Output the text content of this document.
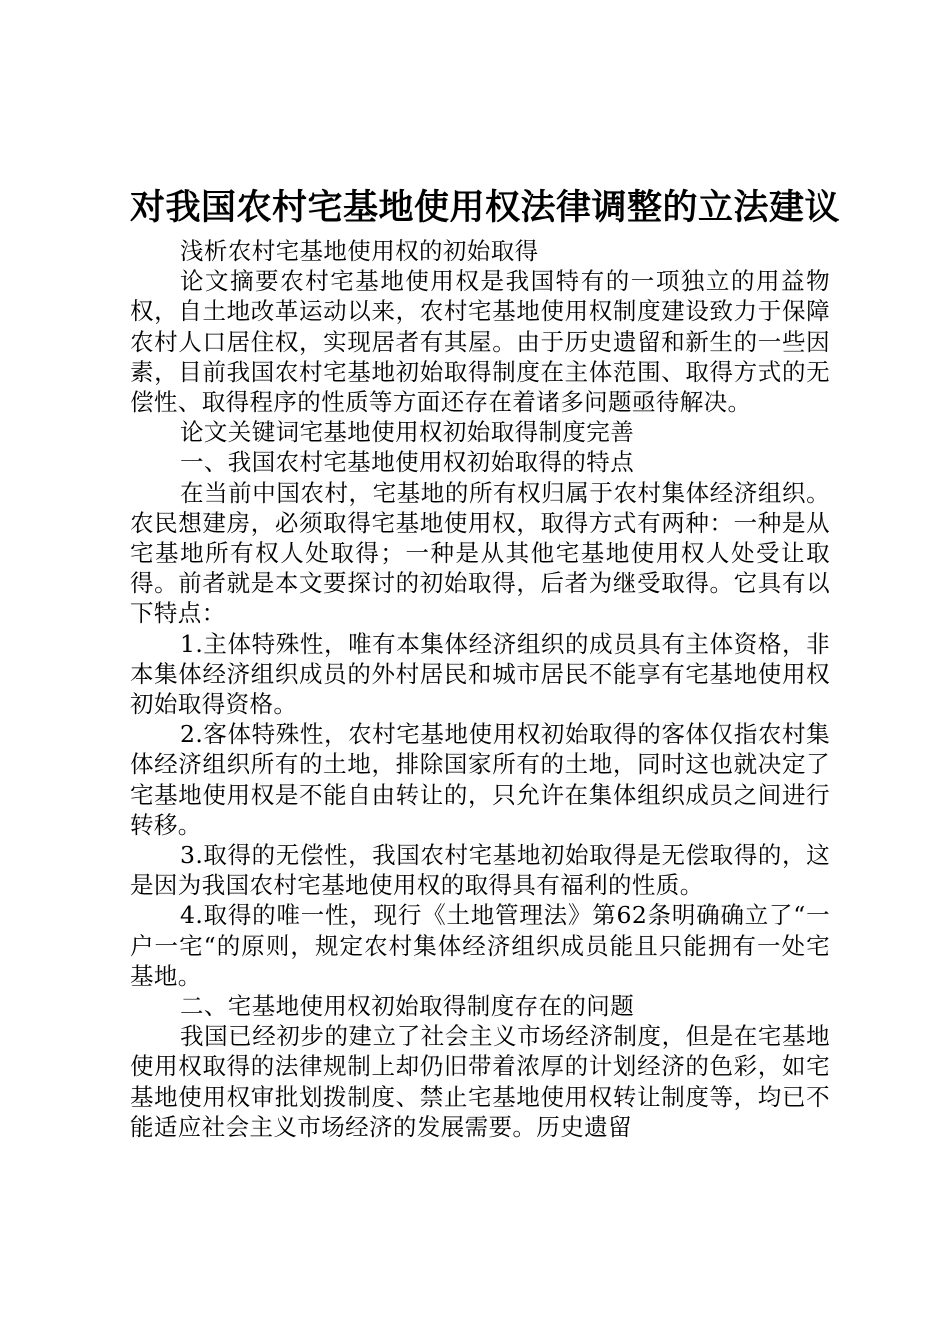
对我国农村宅基地使用权法律调整的立法建议

浅析农村宅基地使用权的初始取得

论文摘要农村宅基地使用权是我国特有的一项独立的用益物权，自土地改革运动以来，农村宅基地使用权制度建设致力于保障农村人口居住权，实现居者有其屋。由于历史遗留和新生的一些因素，目前我国农村宅基地初始取得制度在主体范围、取得方式的无偿性、取得程序的性质等方面还存在着诸多问题亟待解决。

论文关键词宅基地使用权初始取得制度完善

一、我国农村宅基地使用权初始取得的特点

在当前中国农村，宅基地的所有权归属于农村集体经济组织。农民想建房，必须取得宅基地使用权，取得方式有两种：一种是从宅基地所有权人处取得；一种是从其他宅基地使用权人处受让取得。前者就是本文要探讨的初始取得，后者为继受取得。它具有以下特点：

1.主体特殊性，唯有本集体经济组织的成员具有主体资格，非本集体经济组织成员的外村居民和城市居民不能享有宅基地使用权初始取得资格。

2.客体特殊性，农村宅基地使用权初始取得的客体仅指农村集体经济组织所有的土地，排除国家所有的土地，同时这也就决定了宅基地使用权是不能自由转让的，只允许在集体组织成员之间进行转移。

3.取得的无偿性，我国农村宅基地初始取得是无偿取得的，这是因为我国农村宅基地使用权的取得具有福利的性质。

4.取得的唯一性，现行《土地管理法》第62条明确确立了“一户一宅“的原则，规定农村集体经济组织成员能且只能拥有一处宅基地。

二、宅基地使用权初始取得制度存在的问题

我国已经初步的建立了社会主义市场经济制度，但是在宅基地使用权取得的法律规制上却仍旧带着浓厚的计划经济的色彩，如宅基地使用权审批划拨制度、禁止宅基地使用权转让制度等，均已不能适应社会主义市场经济的发展需要。历史遗留
